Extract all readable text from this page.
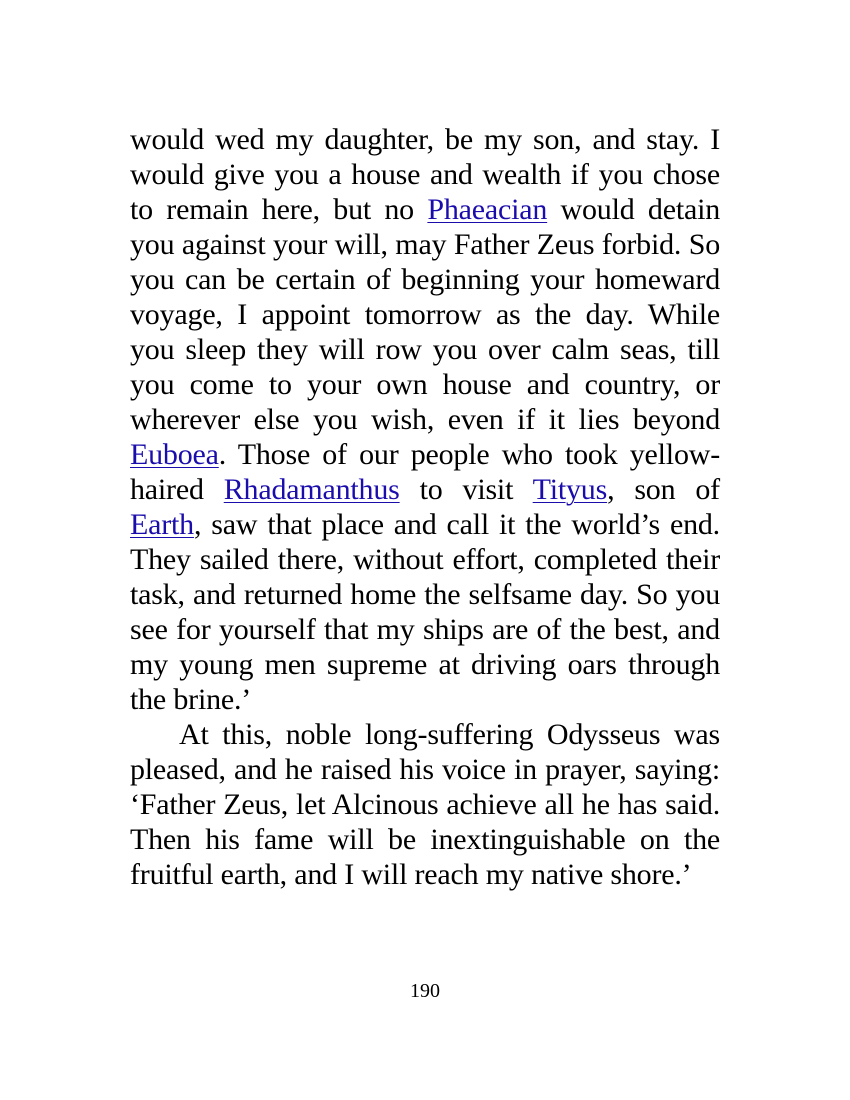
would wed my daughter, be my son, and stay. I would give you a house and wealth if you chose to remain here, but no Phaeacian would detain you against your will, may Father Zeus forbid. So you can be certain of beginning your homeward voyage, I appoint tomorrow as the day. While you sleep they will row you over calm seas, till you come to your own house and country, or wherever else you wish, even if it lies beyond Euboea. Those of our people who took yellow-haired Rhadamanthus to visit Tityus, son of Earth, saw that place and call it the world’s end. They sailed there, without effort, completed their task, and returned home the selfsame day. So you see for yourself that my ships are of the best, and my young men supreme at driving oars through the brine.’

At this, noble long-suffering Odysseus was pleased, and he raised his voice in prayer, saying: ‘Father Zeus, let Alcinous achieve all he has said. Then his fame will be inextinguishable on the fruitful earth, and I will reach my native shore.’

190
